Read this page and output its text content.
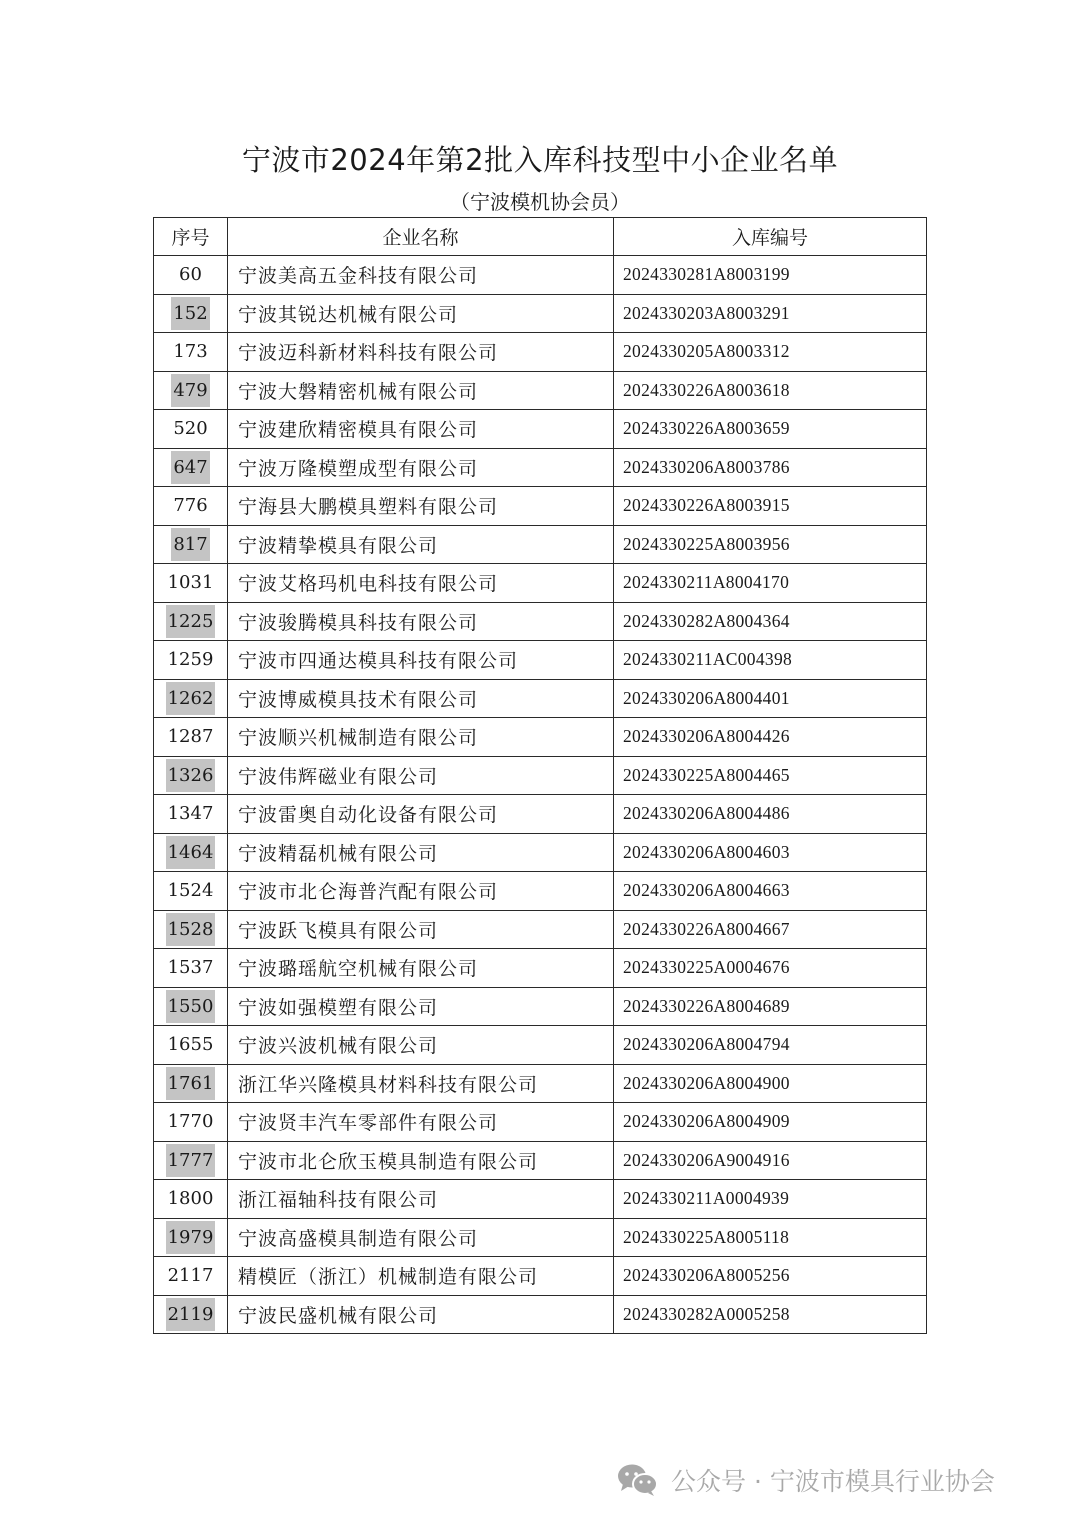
宁波市2024年第2批入库科技型中小企业名单
（宁波模机协会员）
序号	企业名称	入库编号
60	宁波美高五金科技有限公司	2024330281A8003199
152	宁波其锐达机械有限公司	2024330203A8003291
173	宁波迈科新材料科技有限公司	2024330205A8003312
479	宁波大磐精密机械有限公司	2024330226A8003618
520	宁波建欣精密模具有限公司	2024330226A8003659
647	宁波万隆模塑成型有限公司	2024330206A8003786
776	宁海县大鹏模具塑料有限公司	2024330226A8003915
817	宁波精挚模具有限公司	2024330225A8003956
1031	宁波艾格玛机电科技有限公司	2024330211A8004170
1225	宁波骏腾模具科技有限公司	2024330282A8004364
1259	宁波市四通达模具科技有限公司	2024330211AC004398
1262	宁波博威模具技术有限公司	2024330206A8004401
1287	宁波顺兴机械制造有限公司	2024330206A8004426
1326	宁波伟辉磁业有限公司	2024330225A8004465
1347	宁波雷奥自动化设备有限公司	2024330206A8004486
1464	宁波精磊机械有限公司	2024330206A8004603
1524	宁波市北仑海普汽配有限公司	2024330206A8004663
1528	宁波跃飞模具有限公司	2024330226A8004667
1537	宁波璐瑶航空机械有限公司	2024330225A0004676
1550	宁波如强模塑有限公司	2024330226A8004689
1655	宁波兴波机械有限公司	2024330206A8004794
1761	浙江华兴隆模具材料科技有限公司	2024330206A8004900
1770	宁波贤丰汽车零部件有限公司	2024330206A8004909
1777	宁波市北仑欣玉模具制造有限公司	2024330206A9004916
1800	浙江福轴科技有限公司	2024330211A0004939
1979	宁波高盛模具制造有限公司	2024330225A8005118
2117	精模匠（浙江）机械制造有限公司	2024330206A8005256
2119	宁波民盛机械有限公司	2024330282A0005258
公众号 · 宁波市模具行业协会
